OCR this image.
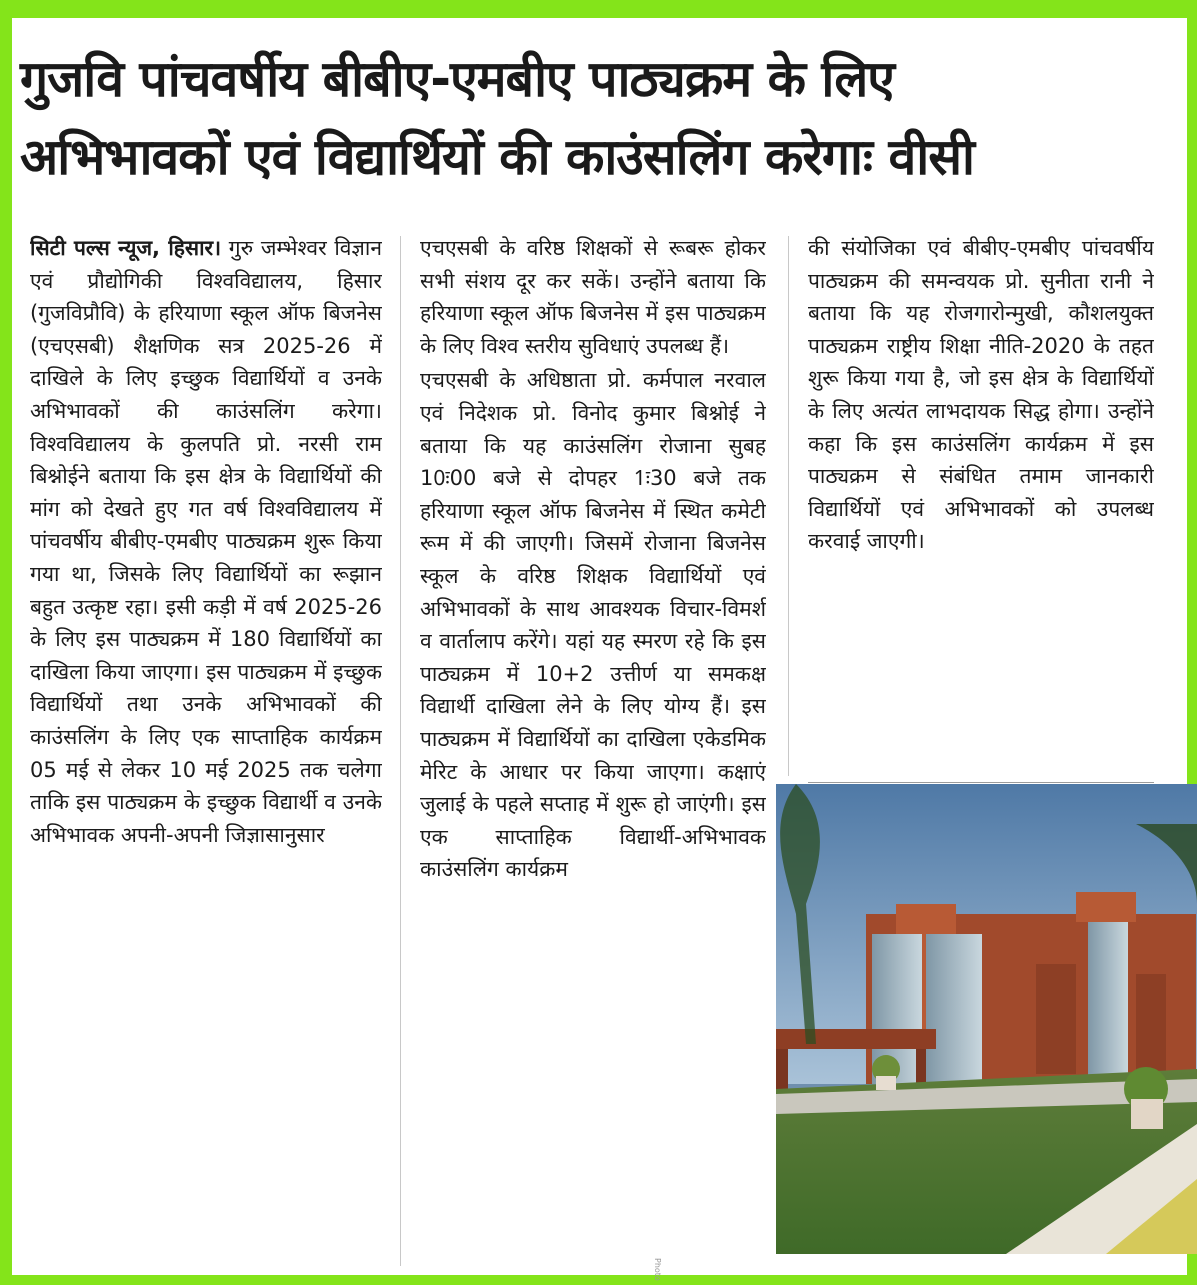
गुजवि पांचवर्षीय बीबीए-एमबीए पाठ्यक्रम के लिए
अभिभावकों एवं विद्यार्थियों की काउंसलिंग करेगाः वीसी

सिटी पल्स न्यूज, हिसार। गुरु जम्भेश्वर विज्ञान एवं प्रौद्योगिकी विश्वविद्यालय, हिसार (गुजविप्रौवि) के हरियाणा स्कूल ऑफ बिजनेस (एचएसबी) शैक्षणिक सत्र 2025-26 में दाखिले के लिए इच्छुक विद्यार्थियों व उनके अभिभावकों की काउंसलिंग करेगा। विश्वविद्यालय के कुलपति प्रो. नरसी राम बिश्नोईने बताया कि इस क्षेत्र के विद्यार्थियों की मांग को देखते हुए गत वर्ष विश्वविद्यालय में पांचवर्षीय बीबीए-एमबीए पाठ्यक्रम शुरू किया गया था, जिसके लिए विद्यार्थियों का रूझान बहुत उत्कृष्ट रहा। इसी कड़ी में वर्ष 2025-26 के लिए इस पाठ्यक्रम में 180 विद्यार्थियों का दाखिला किया जाएगा। इस पाठ्यक्रम में इच्छुक विद्यार्थियों तथा उनके अभिभावकों की काउंसलिंग के लिए एक साप्ताहिक कार्यक्रम 05 मई से लेकर 10 मई 2025 तक चलेगा ताकि इस पाठ्यक्रम के इच्छुक विद्यार्थी व उनके अभिभावक अपनी-अपनी जिज्ञासानुसार

एचएसबी के वरिष्ठ शिक्षकों से रूबरू होकर सभी संशय दूर कर सकें। उन्होंने बताया कि हरियाणा स्कूल ऑफ बिजनेस में इस पाठ्यक्रम के लिए विश्व स्तरीय सुविधाएं उपलब्ध हैं।

एचएसबी के अधिष्ठाता प्रो. कर्मपाल नरवाल एवं निदेशक प्रो. विनोद कुमार बिश्नोई ने बताया कि यह काउंसलिंग रोजाना सुबह 10ः00 बजे से दोपहर 1ः30 बजे तक हरियाणा स्कूल ऑफ बिजनेस में स्थित कमेटी रूम में की जाएगी। जिसमें रोजाना बिजनेस स्कूल के वरिष्ठ शिक्षक विद्यार्थियों एवं अभिभावकों के साथ आवश्यक विचार-विमर्श व वार्तालाप करेंगे। यहां यह स्मरण रहे कि इस पाठ्यक्रम में 10+2 उत्तीर्ण या समकक्ष विद्यार्थी दाखिला लेने के लिए योग्य हैं। इस पाठ्यक्रम में विद्यार्थियों का दाखिला एकेडमिक मेरिट के आधार पर किया जाएगा। कक्षाएं जुलाई के पहले सप्ताह में शुरू हो जाएंगी। इस एक साप्ताहिक विद्यार्थी-अभिभावक काउंसलिंग कार्यक्रम

की संयोजिका एवं बीबीए-एमबीए पांचवर्षीय पाठ्यक्रम की समन्वयक प्रो. सुनीता रानी ने बताया कि यह रोजगारोन्मुखी, कौशलयुक्त पाठ्यक्रम राष्ट्रीय शिक्षा नीति-2020 के तहत शुरू किया गया है, जो इस क्षेत्र के विद्यार्थियों के लिए अत्यंत लाभदायक सिद्ध होगा। उन्होंने कहा कि इस काउंसलिंग कार्यक्रम में इस पाठ्यक्रम से संबंधित तमाम जानकारी विद्यार्थियों एवं अभिभावकों को उपलब्ध करवाई जाएगी।

Photo
